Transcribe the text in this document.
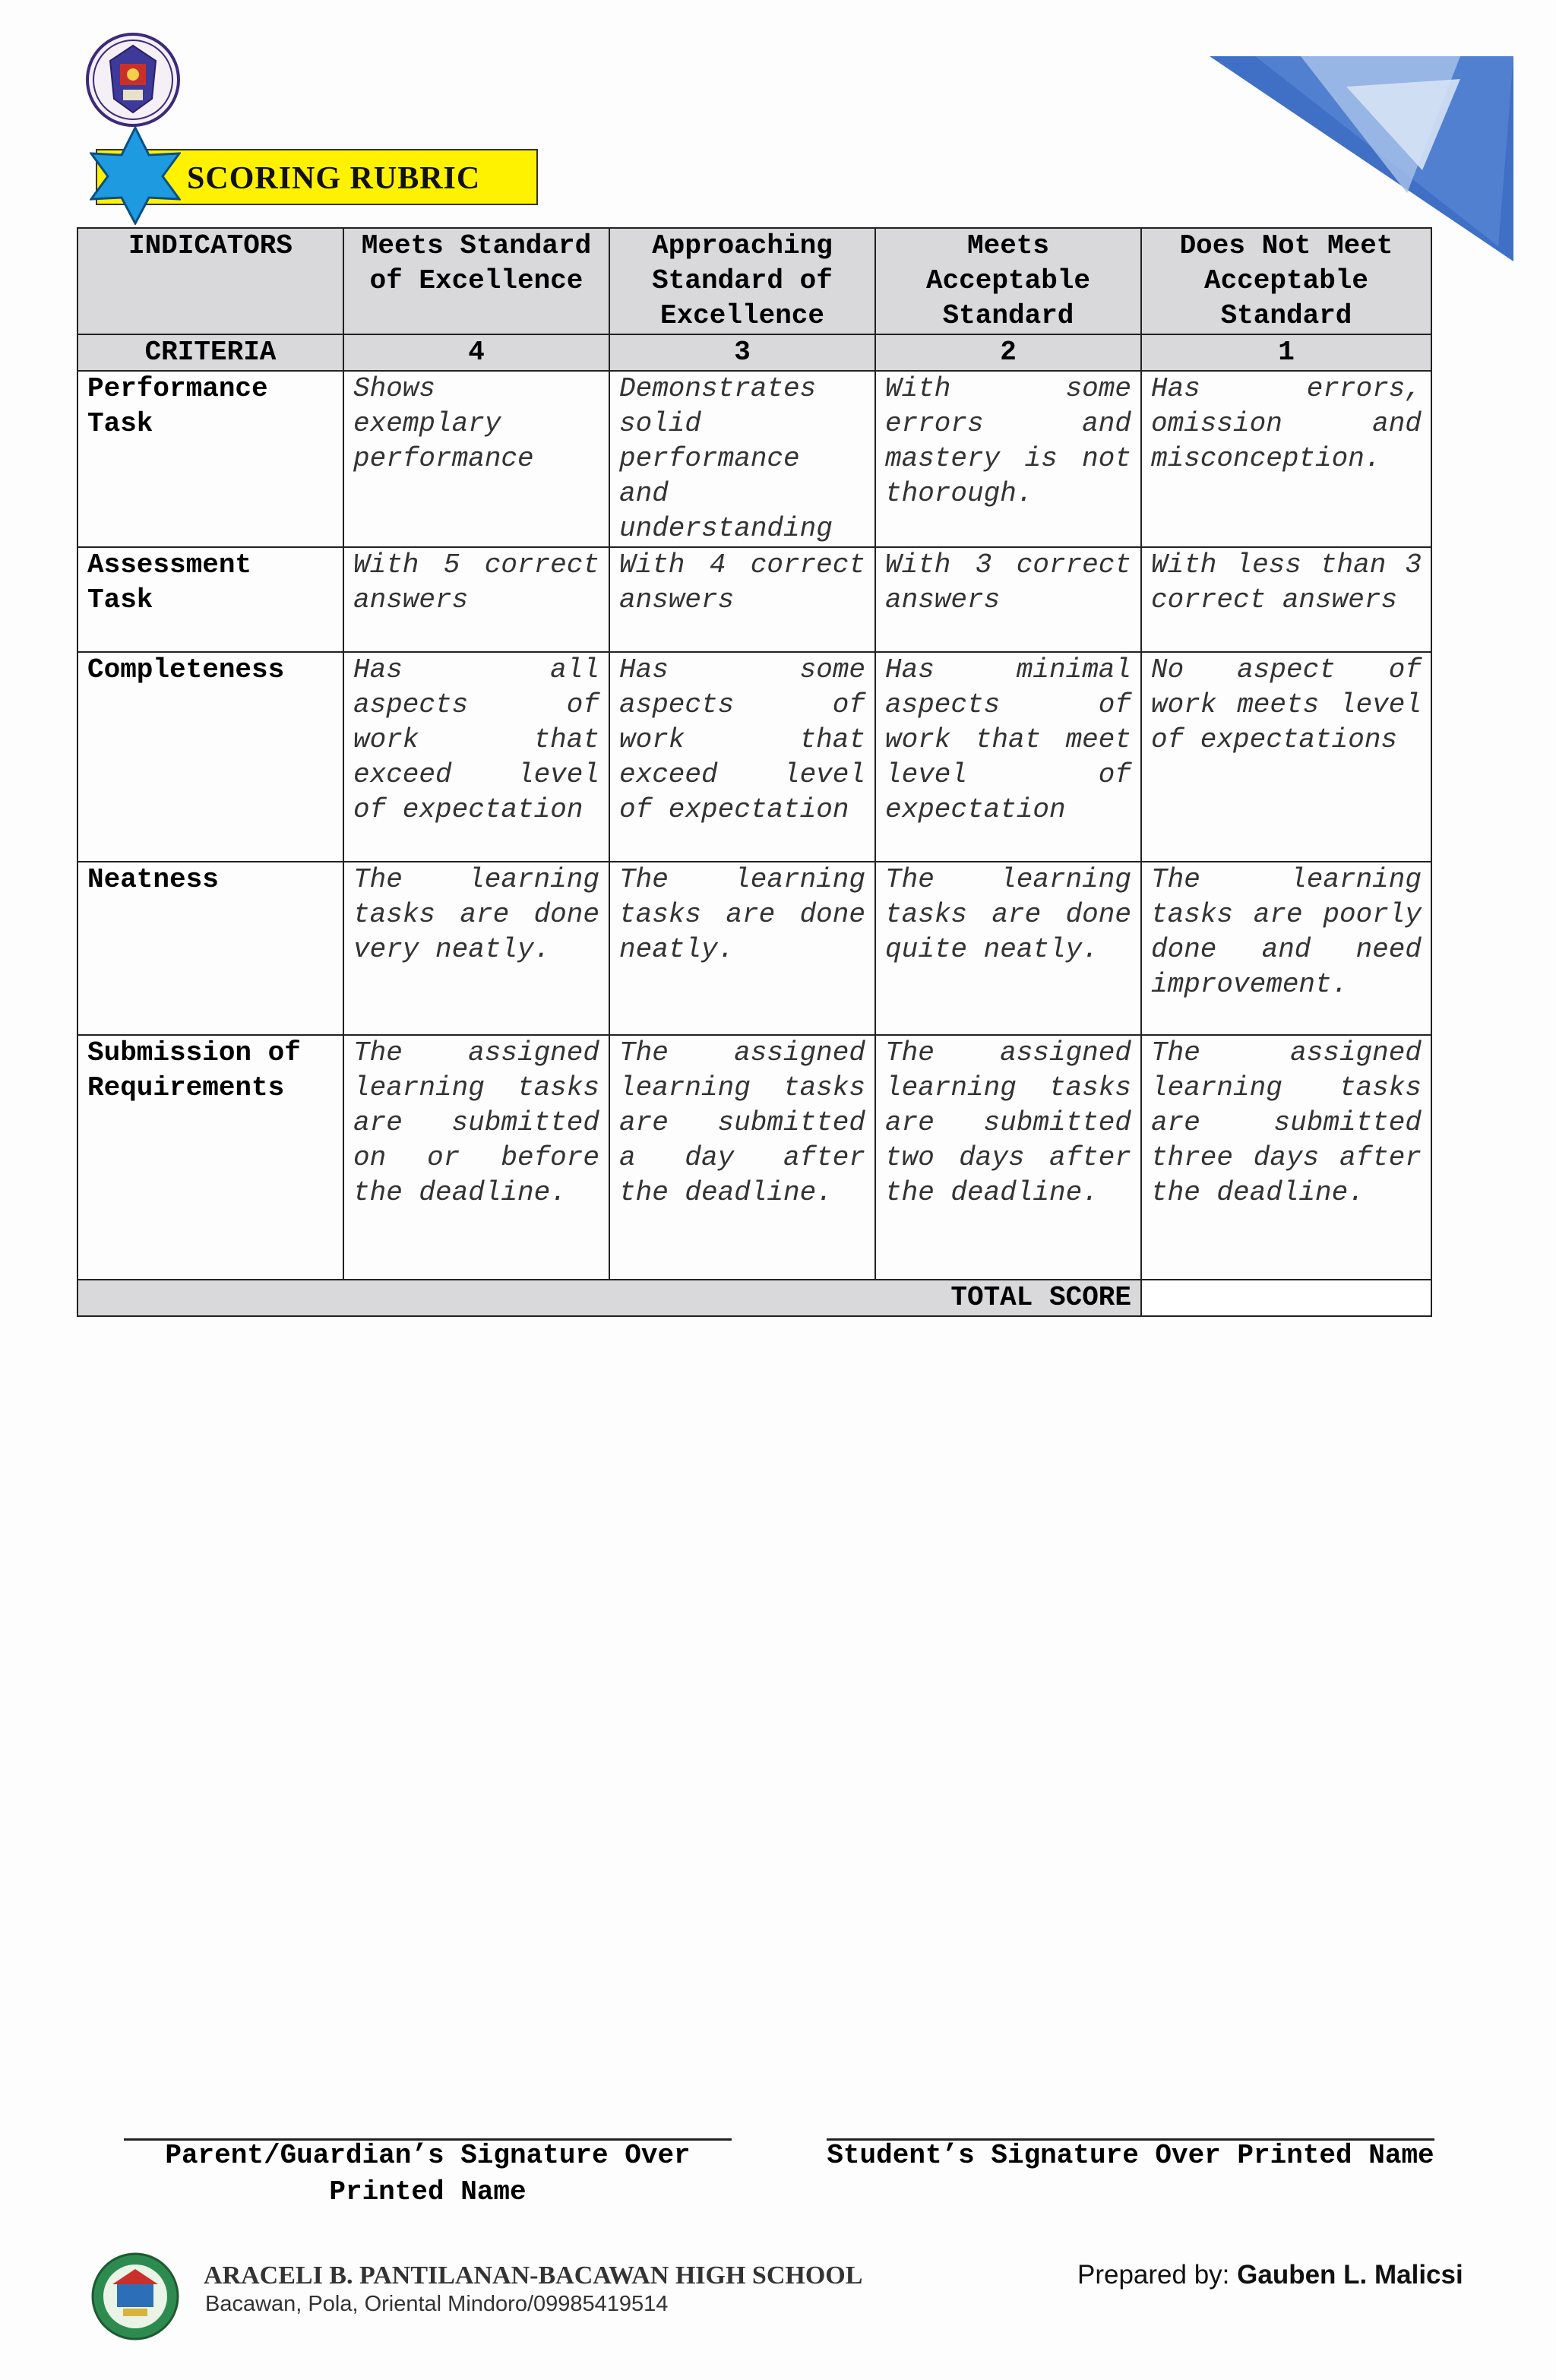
SCORING RUBRIC
INDICATORS	Meets Standard of Excellence	Approaching Standard of Excellence	Meets Acceptable Standard	Does Not Meet Acceptable Standard
CRITERIA	4	3	2	1
Performance Task	Shows exemplary performance	Demonstrates solid performance and understanding	With some errors and mastery is not thorough.	Has errors, omission and misconception.
Assessment Task	With 5 correct answers	With 4 correct answers	With 3 correct answers	With less than 3 correct answers
Completeness	Has all aspects of work that exceed level of expectation	Has some aspects of work that exceed level of expectation	Has minimal aspects of work that meet level of expectation	No aspect of work meets level of expectations
Neatness	The learning tasks are done very neatly.	The learning tasks are done neatly.	The learning tasks are done quite neatly.	The learning tasks are poorly done and need improvement.
Submission of Requirements	The assigned learning tasks are submitted on or before the deadline.	The assigned learning tasks are submitted a day after the deadline.	The assigned learning tasks are submitted two days after the deadline.	The assigned learning tasks are submitted three days after the deadline.
TOTAL SCORE				
Parent/Guardian’s Signature Over Printed Name
Student’s Signature Over Printed Name
ARACELI B. PANTILANAN-BACAWAN HIGH SCHOOL
Bacawan, Pola, Oriental Mindoro/09985419514
Prepared by: Gauben L. Malicsi
